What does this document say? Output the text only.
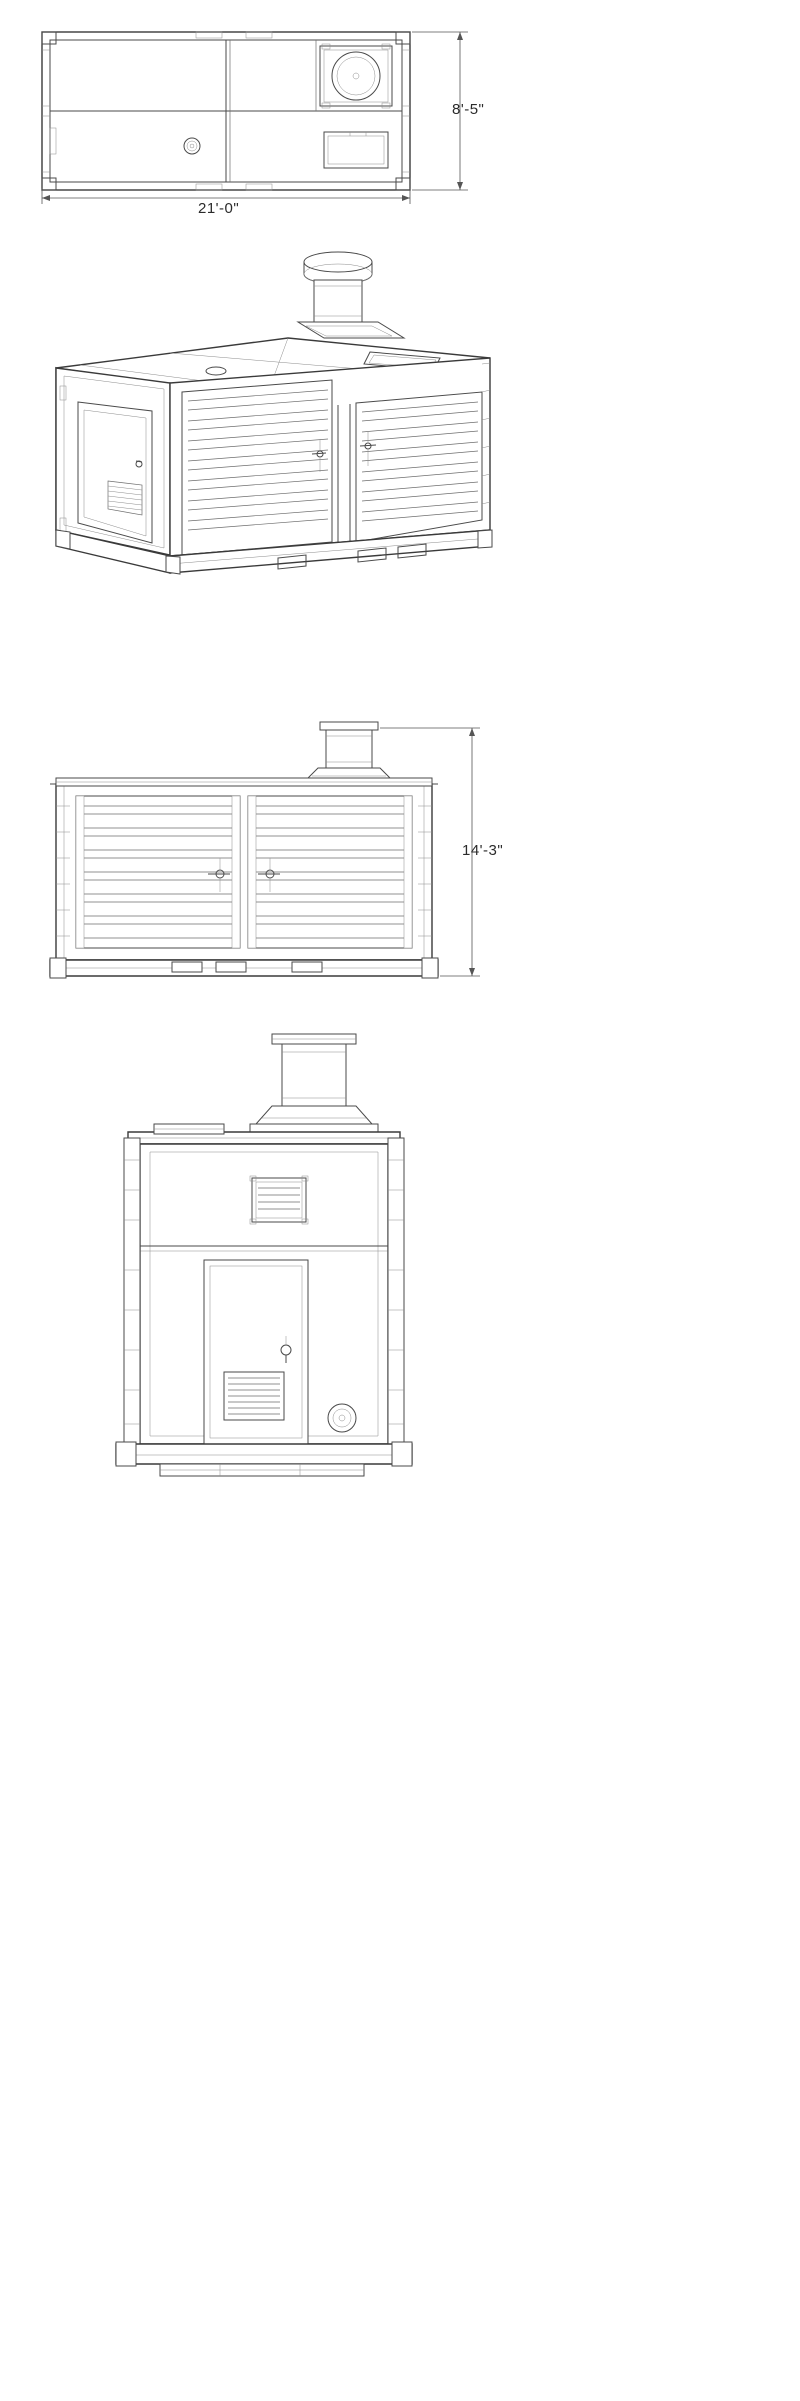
21'-0"
8'-5"
14'-3"
